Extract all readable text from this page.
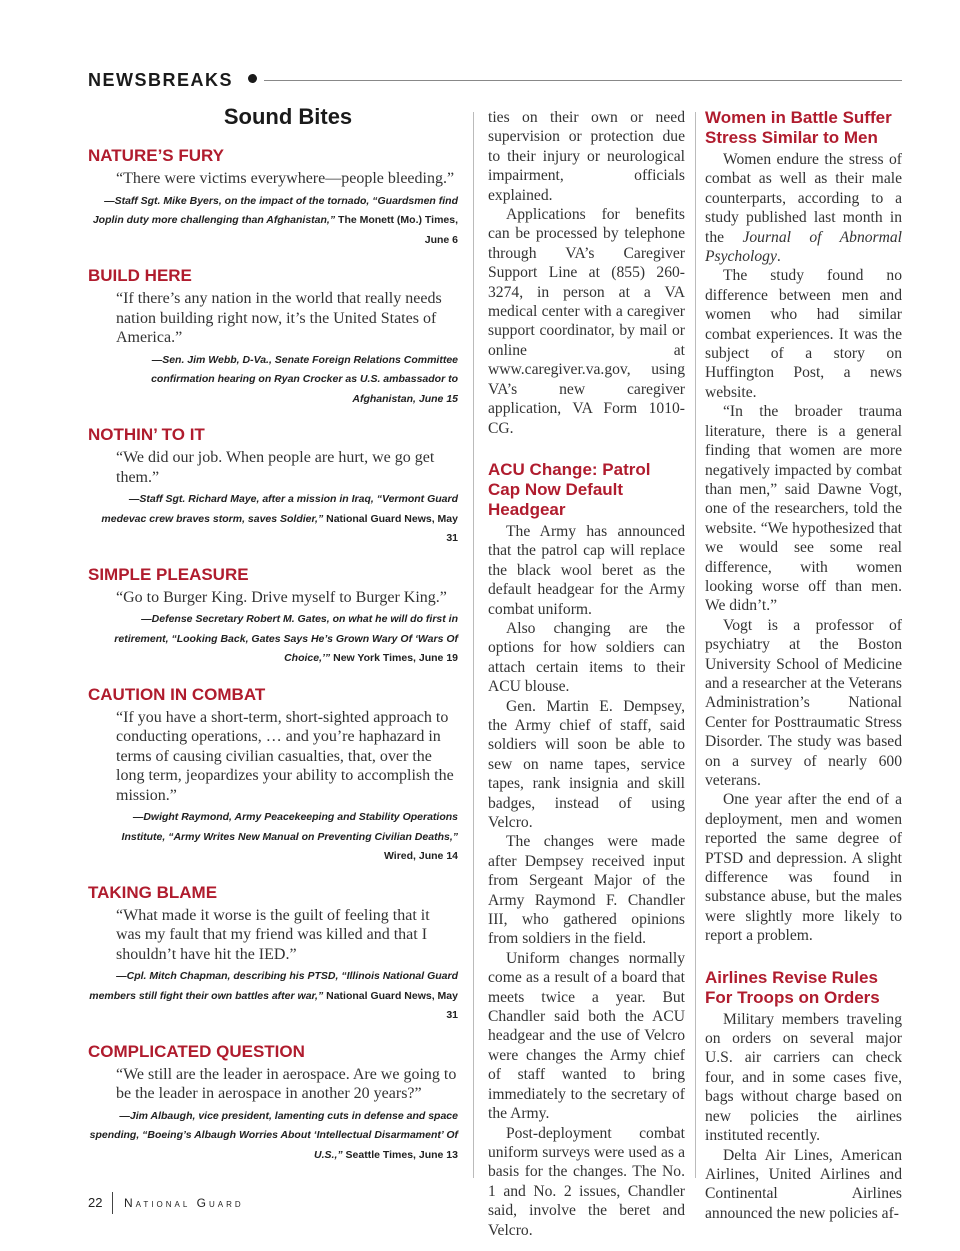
NEWSBREAKS
Sound Bites
NATURE’S FURY
“There were victims everywhere—people bleeding.”
—Staff Sgt. Mike Byers, on the impact of the tornado, “Guardsmen find Joplin duty more challenging than Afghanistan,” The Monett (Mo.) Times, June 6
BUILD HERE
“If there’s any nation in the world that really needs nation building right now, it’s the United States of America.”
—Sen. Jim Webb, D-Va., Senate Foreign Relations Committee confirmation hearing on Ryan Crocker as U.S. ambassador to Afghanistan, June 15
NOTHIN’ TO IT
“We did our job. When people are hurt, we go get them.”
—Staff Sgt. Richard Maye, after a mission in Iraq, “Vermont Guard medevac crew braves storm, saves Soldier,” National Guard News, May 31
SIMPLE PLEASURE
“Go to Burger King. Drive myself to Burger King.”
—Defense Secretary Robert M. Gates, on what he will do first in retirement, “Looking Back, Gates Says He’s Grown Wary Of ‘Wars Of Choice,’” New York Times, June 19
CAUTION IN COMBAT
“If you have a short-term, short-sighted approach to conducting operations, … and you’re haphazard in terms of causing civilian casualties, that, over the long term, jeopardizes your ability to accomplish the mission.”
—Dwight Raymond, Army Peacekeeping and Stability Operations Institute, “Army Writes New Manual on Preventing Civilian Deaths,” Wired, June 14
TAKING BLAME
“What made it worse is the guilt of feeling that it was my fault that my friend was killed and that I shouldn’t have hit the IED.”
—Cpl. Mitch Chapman, describing his PTSD, “Illinois National Guard members still fight their own battles after war,” National Guard News, May 31
COMPLICATED QUESTION
“We still are the leader in aerospace. Are we going to be the leader in aerospace in another 20 years?”
—Jim Albaugh, vice president, lamenting cuts in defense and space spending, “Boeing’s Albaugh Worries About ‘Intellectual Disarmament’ Of U.S.,” Seattle Times, June 13

ties on their own or need supervision or protection due to their injury or neurological impairment, officials explained.

Applications for benefits can be processed by telephone through VA’s Caregiver Support Line at (855) 260-3274, in person at a VA medical center with a caregiver support coordinator, by mail or online at www.caregiver.va.gov, using VA’s new caregiver application, VA Form 1010-CG.

ACU Change: Patrol Cap Now Default Headgear

The Army has announced that the patrol cap will replace the black wool beret as the default headgear for the Army combat uniform.

Also changing are the options for how soldiers can attach certain items to their ACU blouse.

Gen. Martin E. Dempsey, the Army chief of staff, said soldiers will soon be able to sew on name tapes, service tapes, rank insignia and skill badges, instead of using Velcro.

The changes were made after Dempsey received input from Sergeant Major of the Army Raymond F. Chandler III, who gathered opinions from soldiers in the field.

Uniform changes normally come as a result of a board that meets twice a year. But Chandler said both the ACU headgear and the use of Velcro were changes the Army chief of staff wanted to bring immediately to the secretary of the Army.

Post-deployment combat uniform surveys were used as a basis for the changes. The No. 1 and No. 2 issues, Chandler said, involve the beret and Velcro.

Women in Battle Suffer Stress Similar to Men

Women endure the stress of combat as well as their male counterparts, according to a study published last month in the Journal of Abnormal Psychology.

The study found no difference between men and women who had similar combat experiences. It was the subject of a story on Huffington Post, a news website.

“In the broader trauma literature, there is a general finding that women are more negatively impacted by combat than men,” said Dawne Vogt, one of the researchers, told the website. “We hypothesized that we would see some real difference, with women looking worse off than men. We didn’t.”

Vogt is a professor of psychiatry at the Boston University School of Medicine and a researcher at the Veterans Administration’s National Center for Posttraumatic Stress Disorder. The study was based on a survey of nearly 600 veterans.

One year after the end of a deployment, men and women reported the same degree of PTSD and depression. A slight difference was found in substance abuse, but the males were slightly more likely to report a problem.

Airlines Revise Rules For Troops on Orders

Military members traveling on orders on several major U.S. air carriers can check four, and in some cases five, bags without charge based on new policies the airlines instituted recently.

Delta Air Lines, American Airlines, United Airlines and Continental Airlines announced the new policies af-

22 National Guard
